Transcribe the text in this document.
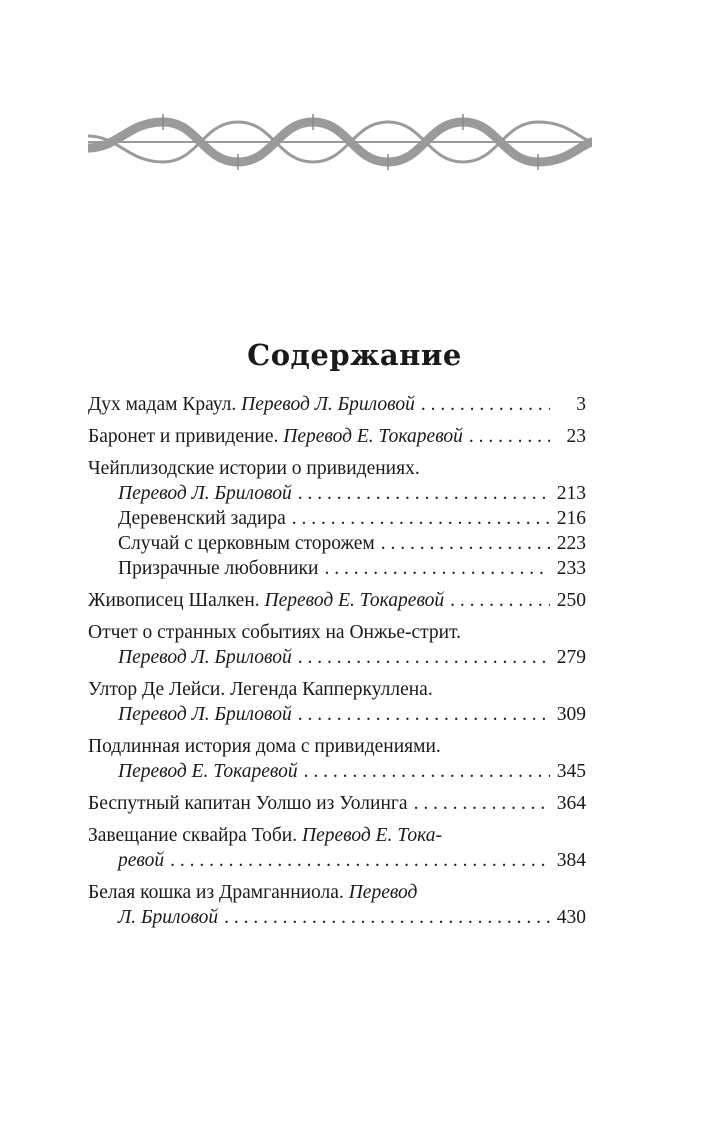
Содержание
Дух мадам Краул. Перевод Л. Бриловой . . .	3
Баронет и привидение. Перевод Е. Токаревой . . .	23
Чейплизодские истории о привидениях.
Перевод Л. Бриловой . . .	213
Деревенский задира . . .	216
Случай с церковным сторожем . . .	223
Призрачные любовники . . .	233
Живописец Шалкен. Перевод Е. Токаревой . . .	250
Отчет о странных событиях на Онжье-стрит.
Перевод Л. Бриловой . . .	279
Ултор Де Лейси. Легенда Капперкуллена.
Перевод Л. Бриловой . . .	309
Подлинная история дома с привидениями.
Перевод Е. Токаревой . . .	345
Беспутный капитан Уолшо из Уолинга . . .	364
Завещание сквайра Тоби. Перевод Е. Тока-
ревой . . .	384
Белая кошка из Драмганниола. Перевод
Л. Бриловой . . .	430
